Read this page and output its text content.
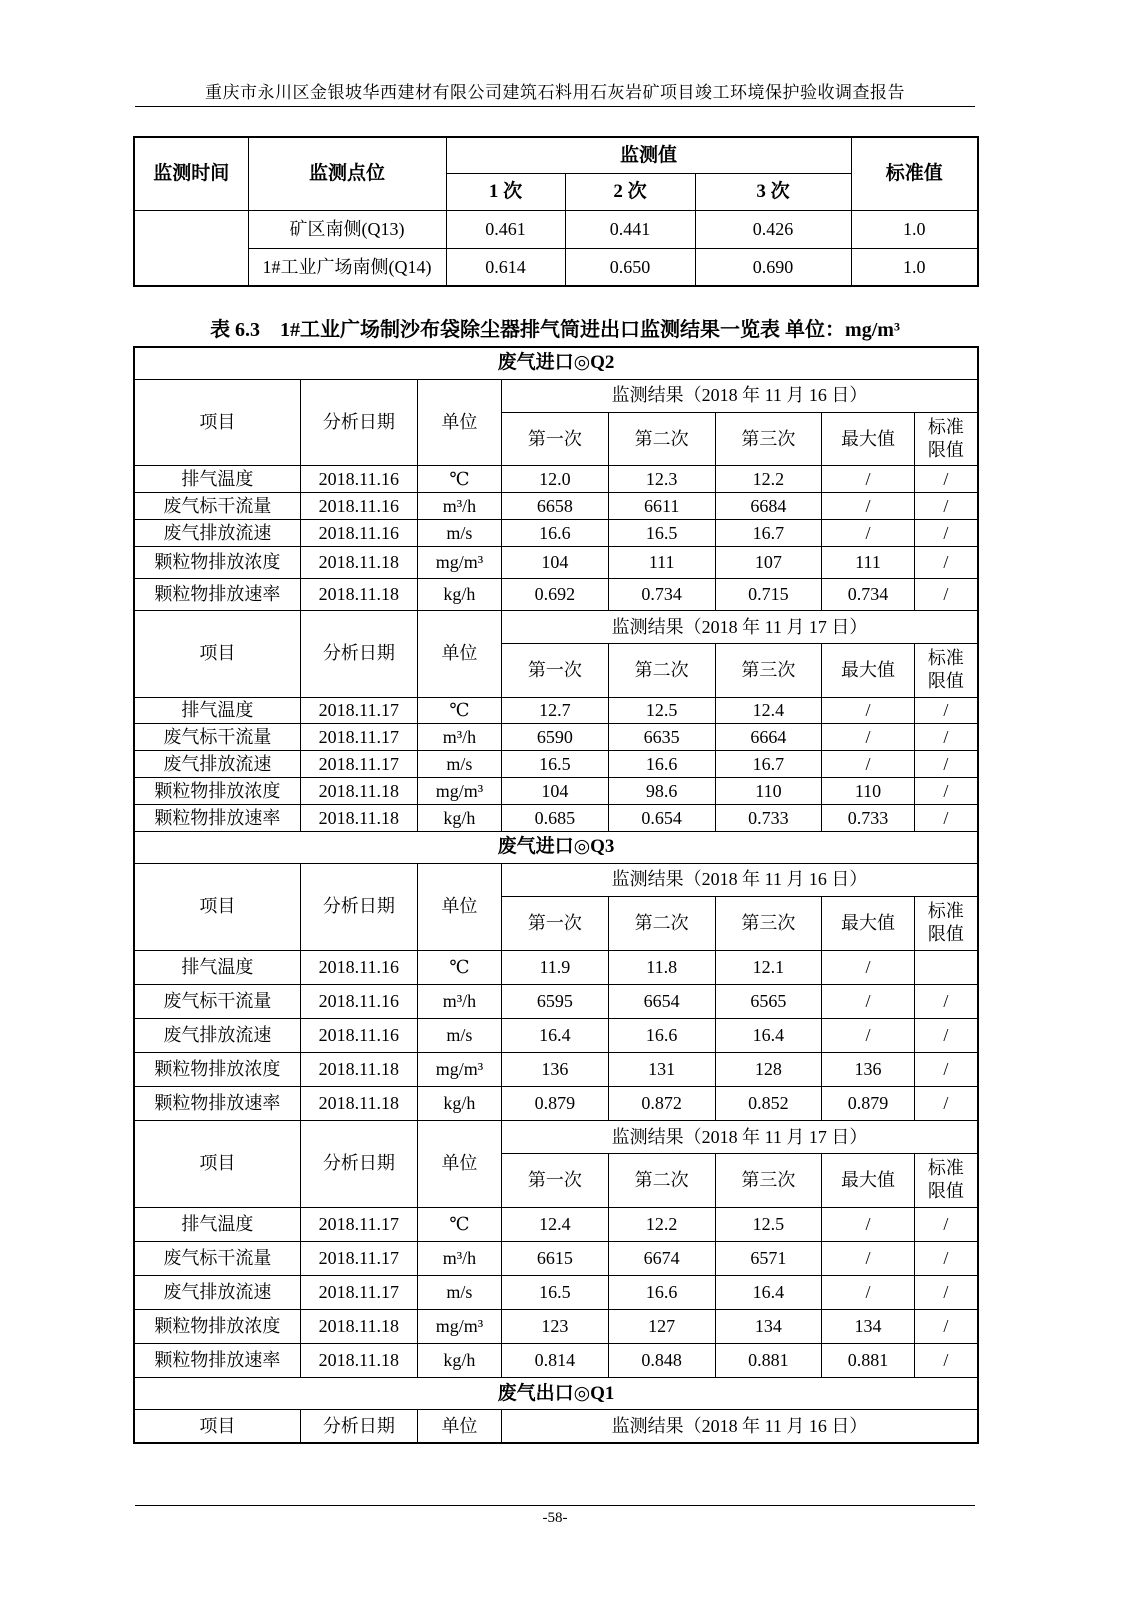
重庆市永川区金银坡华西建材有限公司建筑石料用石灰岩矿项目竣工环境保护验收调查报告
监测时间	监测点位	监测值			标准值
		1 次	2 次	3 次	
	矿区南侧(Q13)	0.461	0.441	0.426	1.0
	1#工业广场南侧(Q14)	0.614	0.650	0.690	1.0
表 6.3　1#工业广场制沙布袋除尘器排气筒进出口监测结果一览表 单位：mg/m³
废气进口◎Q2							
项目	分析日期	单位	监测结果（2018 年 11 月 16 日）				
			第一次	第二次	第三次	最大值	标准
限值

排气温度	2018.11.16	℃	12.0	12.3	12.2	/	/
废气标干流量	2018.11.16	m³/h	6658	6611	6684	/	/
废气排放流速	2018.11.16	m/s	16.6	16.5	16.7	/	/
颗粒物排放浓度	2018.11.18	mg/m³	104	111	107	111	/
颗粒物排放速率	2018.11.18	kg/h	0.692	0.734	0.715	0.734	/
项目	分析日期	单位	监测结果（2018 年 11 月 17 日）				
			第一次	第二次	第三次	最大值	标准
限值

排气温度	2018.11.17	℃	12.7	12.5	12.4	/	/
废气标干流量	2018.11.17	m³/h	6590	6635	6664	/	/
废气排放流速	2018.11.17	m/s	16.5	16.6	16.7	/	/
颗粒物排放浓度	2018.11.18	mg/m³	104	98.6	110	110	/
颗粒物排放速率	2018.11.18	kg/h	0.685	0.654	0.733	0.733	/
废气进口◎Q3							
项目	分析日期	单位	监测结果（2018 年 11 月 16 日）				
			第一次	第二次	第三次	最大值	标准
限值

排气温度	2018.11.16	℃	11.9	11.8	12.1	/	
废气标干流量	2018.11.16	m³/h	6595	6654	6565	/	/
废气排放流速	2018.11.16	m/s	16.4	16.6	16.4	/	/
颗粒物排放浓度	2018.11.18	mg/m³	136	131	128	136	/
颗粒物排放速率	2018.11.18	kg/h	0.879	0.872	0.852	0.879	/
项目	分析日期	单位	监测结果（2018 年 11 月 17 日）				
			第一次	第二次	第三次	最大值	标准
限值

排气温度	2018.11.17	℃	12.4	12.2	12.5	/	/
废气标干流量	2018.11.17	m³/h	6615	6674	6571	/	/
废气排放流速	2018.11.17	m/s	16.5	16.6	16.4	/	/
颗粒物排放浓度	2018.11.18	mg/m³	123	127	134	134	/
颗粒物排放速率	2018.11.18	kg/h	0.814	0.848	0.881	0.881	/
废气出口◎Q1							
项目	分析日期	单位	监测结果（2018 年 11 月 16 日）				
-58-
